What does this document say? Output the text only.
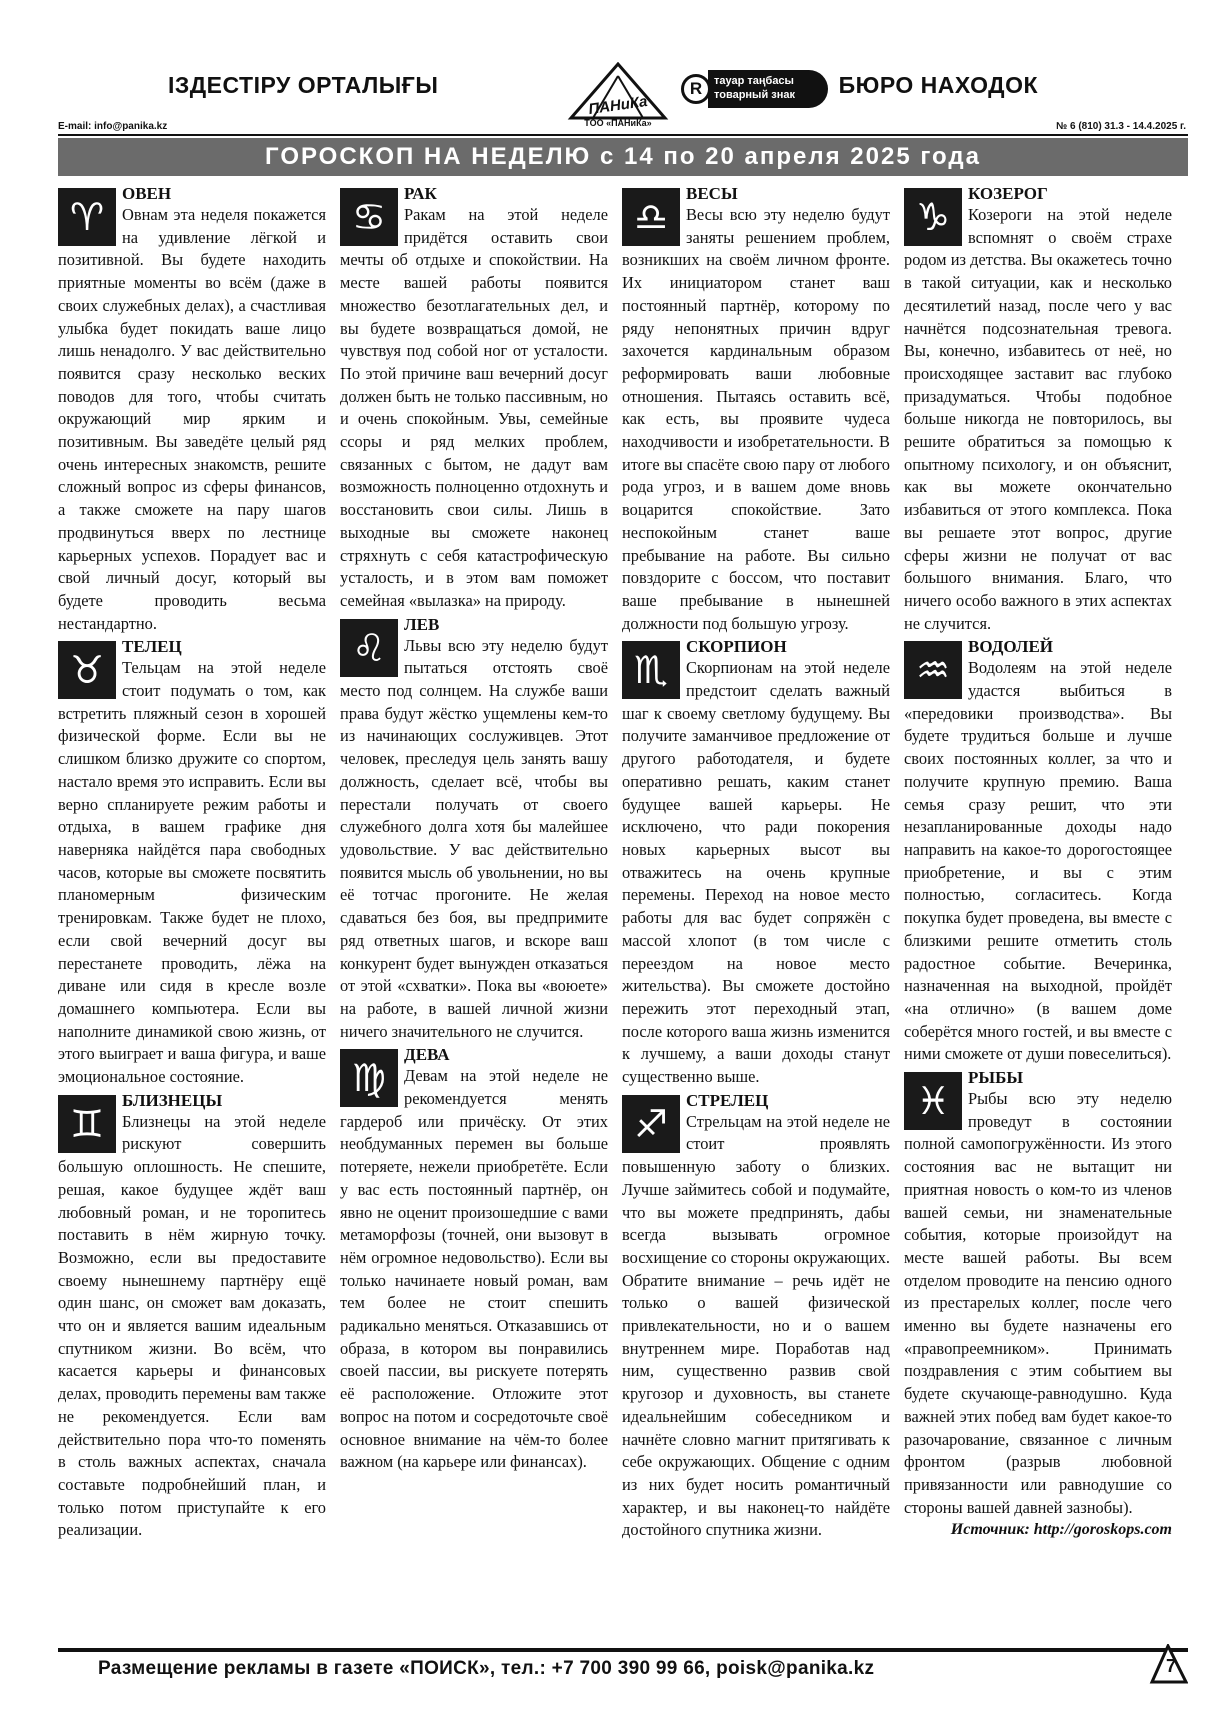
ІЗДЕСТІРУ ОРТАЛЫҒЫ
ПАНиКа
ТОО «ПАНиКа»
R	тауар таңбасы
товарный знак	БЮРО НАХОДОК
E-mail: info@panika.kz	№ 6 (810) 31.3 - 14.4.2025 г.
ГОРОСКОП НА НЕДЕЛЮ с 14 по 20 апреля 2025 года
♈
ОВЕН
Овнам эта неделя покажется на удивление лёгкой и позитивной. Вы будете находить приятные моменты во всём (даже в своих служебных делах), а счастливая улыбка будет покидать ваше лицо лишь ненадолго. У вас действительно появится сразу несколько веских поводов для того, чтобы считать окружающий мир ярким и позитивным. Вы заведёте целый ряд очень интересных знакомств, решите сложный вопрос из сферы финансов, а также сможете на пару шагов продвинуться вверх по лестнице карьерных успехов. Порадует вас и свой личный досуг, который вы будете проводить весьма нестандартно.
♉
ТЕЛЕЦ
Тельцам на этой неделе стоит подумать о том, как встретить пляжный сезон в хорошей физической форме. Если вы не слишком близко дружите со спортом, настало время это исправить. Если вы верно спланируете режим работы и отдыха, в вашем графике дня наверняка найдётся пара свободных часов, которые вы сможете посвятить планомерным физическим тренировкам. Также будет не плохо, если свой вечерний досуг вы перестанете проводить, лёжа на диване или сидя в кресле возле домашнего компьютера. Если вы наполните динамикой свою жизнь, от этого выиграет и ваша фигура, и ваше эмоциональное состояние.
♊
БЛИЗНЕЦЫ
Близнецы на этой неделе рискуют совершить большую оплошность. Не спешите, решая, какое будущее ждёт ваш любовный роман, и не торопитесь поставить в нём жирную точку. Возможно, если вы предоставите своему нынешнему партнёру ещё один шанс, он сможет вам доказать, что он и является вашим идеальным спутником жизни. Во всём, что касается карьеры и финансовых делах, проводить перемены вам также не рекомендуется. Если вам действительно пора что-то поменять в столь важных аспектах, сначала составьте подробнейший план, и только потом приступайте к его реализации.
♋
РАК
Ракам на этой неделе придётся оставить свои мечты об отдыхе и спокойствии. На месте вашей работы появится множество безотлагательных дел, и вы будете возвращаться домой, не чувствуя под собой ног от усталости. По этой причине ваш вечерний досуг должен быть не только пассивным, но и очень спокойным. Увы, семейные ссоры и ряд мелких проблем, связанных с бытом, не дадут вам возможность полноценно отдохнуть и восстановить свои силы. Лишь в выходные вы сможете наконец стряхнуть с себя катастрофическую усталость, и в этом вам поможет семейная «вылазка» на природу.
♌
ЛЕВ
Львы всю эту неделю будут пытаться отстоять своё место под солнцем. На службе ваши права будут жёстко ущемлены кем-то из начинающих сослуживцев. Этот человек, преследуя цель занять вашу должность, сделает всё, чтобы вы перестали получать от своего служебного долга хотя бы малейшее удовольствие. У вас действительно появится мысль об увольнении, но вы её тотчас прогоните. Не желая сдаваться без боя, вы предпримите ряд ответных шагов, и вскоре ваш конкурент будет вынужден отказаться от этой «схватки». Пока вы «воюете» на работе, в вашей личной жизни ничего значительного не случится.
♍
ДЕВА
Девам на этой неделе не рекомендуется менять гардероб или причёску. От этих необдуманных перемен вы больше потеряете, нежели приобретёте. Если у вас есть постоянный партнёр, он явно не оценит произошедшие с вами метаморфозы (точней, они вызовут в нём огромное недовольство). Если вы только начинаете новый роман, вам тем более не стоит спешить радикально меняться. Отказавшись от образа, в котором вы понравились своей пассии, вы рискуете потерять её расположение. Отложите этот вопрос на потом и сосредоточьте своё основное внимание на чём-то более важном (на карьере или финансах).
♎
ВЕСЫ
Весы всю эту неделю будут заняты решением проблем, возникших на своём личном фронте. Их инициатором станет ваш постоянный партнёр, которому по ряду непонятных причин вдруг захочется кардинальным образом реформировать ваши любовные отношения. Пытаясь оставить всё, как есть, вы проявите чудеса находчивости и изобретательности. В итоге вы спасёте свою пару от любого рода угроз, и в вашем доме вновь воцарится спокойствие. Зато неспокойным станет ваше пребывание на работе. Вы сильно повздорите с боссом, что поставит ваше пребывание в нынешней должности под большую угрозу.
♏
СКОРПИОН
Скорпионам на этой неделе предстоит сделать важный шаг к своему светлому будущему. Вы получите заманчивое предложение от другого работодателя, и будете оперативно решать, каким станет будущее вашей карьеры. Не исключено, что ради покорения новых карьерных высот вы отважитесь на очень крупные перемены. Переход на новое место работы для вас будет сопряжён с массой хлопот (в том числе с переездом на новое место жительства). Вы сможете достойно пережить этот переходный этап, после которого ваша жизнь изменится к лучшему, а ваши доходы станут существенно выше.
♐
СТРЕЛЕЦ
Стрельцам на этой неделе не стоит проявлять повышенную заботу о близких. Лучше займитесь собой и подумайте, что вы можете предпринять, дабы всегда вызывать огромное восхищение со стороны окружающих. Обратите внимание – речь идёт не только о вашей физической привлекательности, но и о вашем внутреннем мире. Поработав над ним, существенно развив свой кругозор и духовность, вы станете идеальнейшим собеседником и начнёте словно магнит притягивать к себе окружающих. Общение с одним из них будет носить романтичный характер, и вы наконец-то найдёте достойного спутника жизни.
♑
КОЗЕРОГ
Козероги на этой неделе вспомнят о своём страхе родом из детства. Вы окажетесь точно в такой ситуации, как и несколько десятилетий назад, после чего у вас начнётся подсознательная тревога. Вы, конечно, избавитесь от неё, но происходящее заставит вас глубоко призадуматься. Чтобы подобное больше никогда не повторилось, вы решите обратиться за помощью к опытному психологу, и он объяснит, как вы можете окончательно избавиться от этого комплекса. Пока вы решаете этот вопрос, другие сферы жизни не получат от вас большого внимания. Благо, что ничего особо важного в этих аспектах не случится.
♒
ВОДОЛЕЙ
Водолеям на этой неделе удастся выбиться в «передовики производства». Вы будете трудиться больше и лучше своих постоянных коллег, за что и получите крупную премию. Ваша семья сразу решит, что эти незапланированные доходы надо направить на какое-то дорогостоящее приобретение, и вы с этим полностью, согласитесь. Когда покупка будет проведена, вы вместе с близкими решите отметить столь радостное событие. Вечеринка, назначенная на выходной, пройдёт «на отлично» (в вашем доме соберётся много гостей, и вы вместе с ними сможете от души повеселиться).
♓
РЫБЫ
Рыбы всю эту неделю проведут в состоянии полной самопогружённости. Из этого состояния вас не вытащит ни приятная новость о ком-то из членов вашей семьи, ни знаменательные события, которые произойдут на месте вашей работы. Вы всем отделом проводите на пенсию одного из престарелых коллег, после чего именно вы будете назначены его «правопреемником». Принимать поздравления с этим событием вы будете скучающе-равнодушно. Куда важней этих побед вам будет какое-то разочарование, связанное с личным фронтом (разрыв любовной привязанности или равнодушие со стороны вашей давней зазнобы).
Источник: http://goroskops.com
Размещение рекламы в газете «ПОИСК», тел.: +7 700 390 99 66, poisk@panika.kz	7
